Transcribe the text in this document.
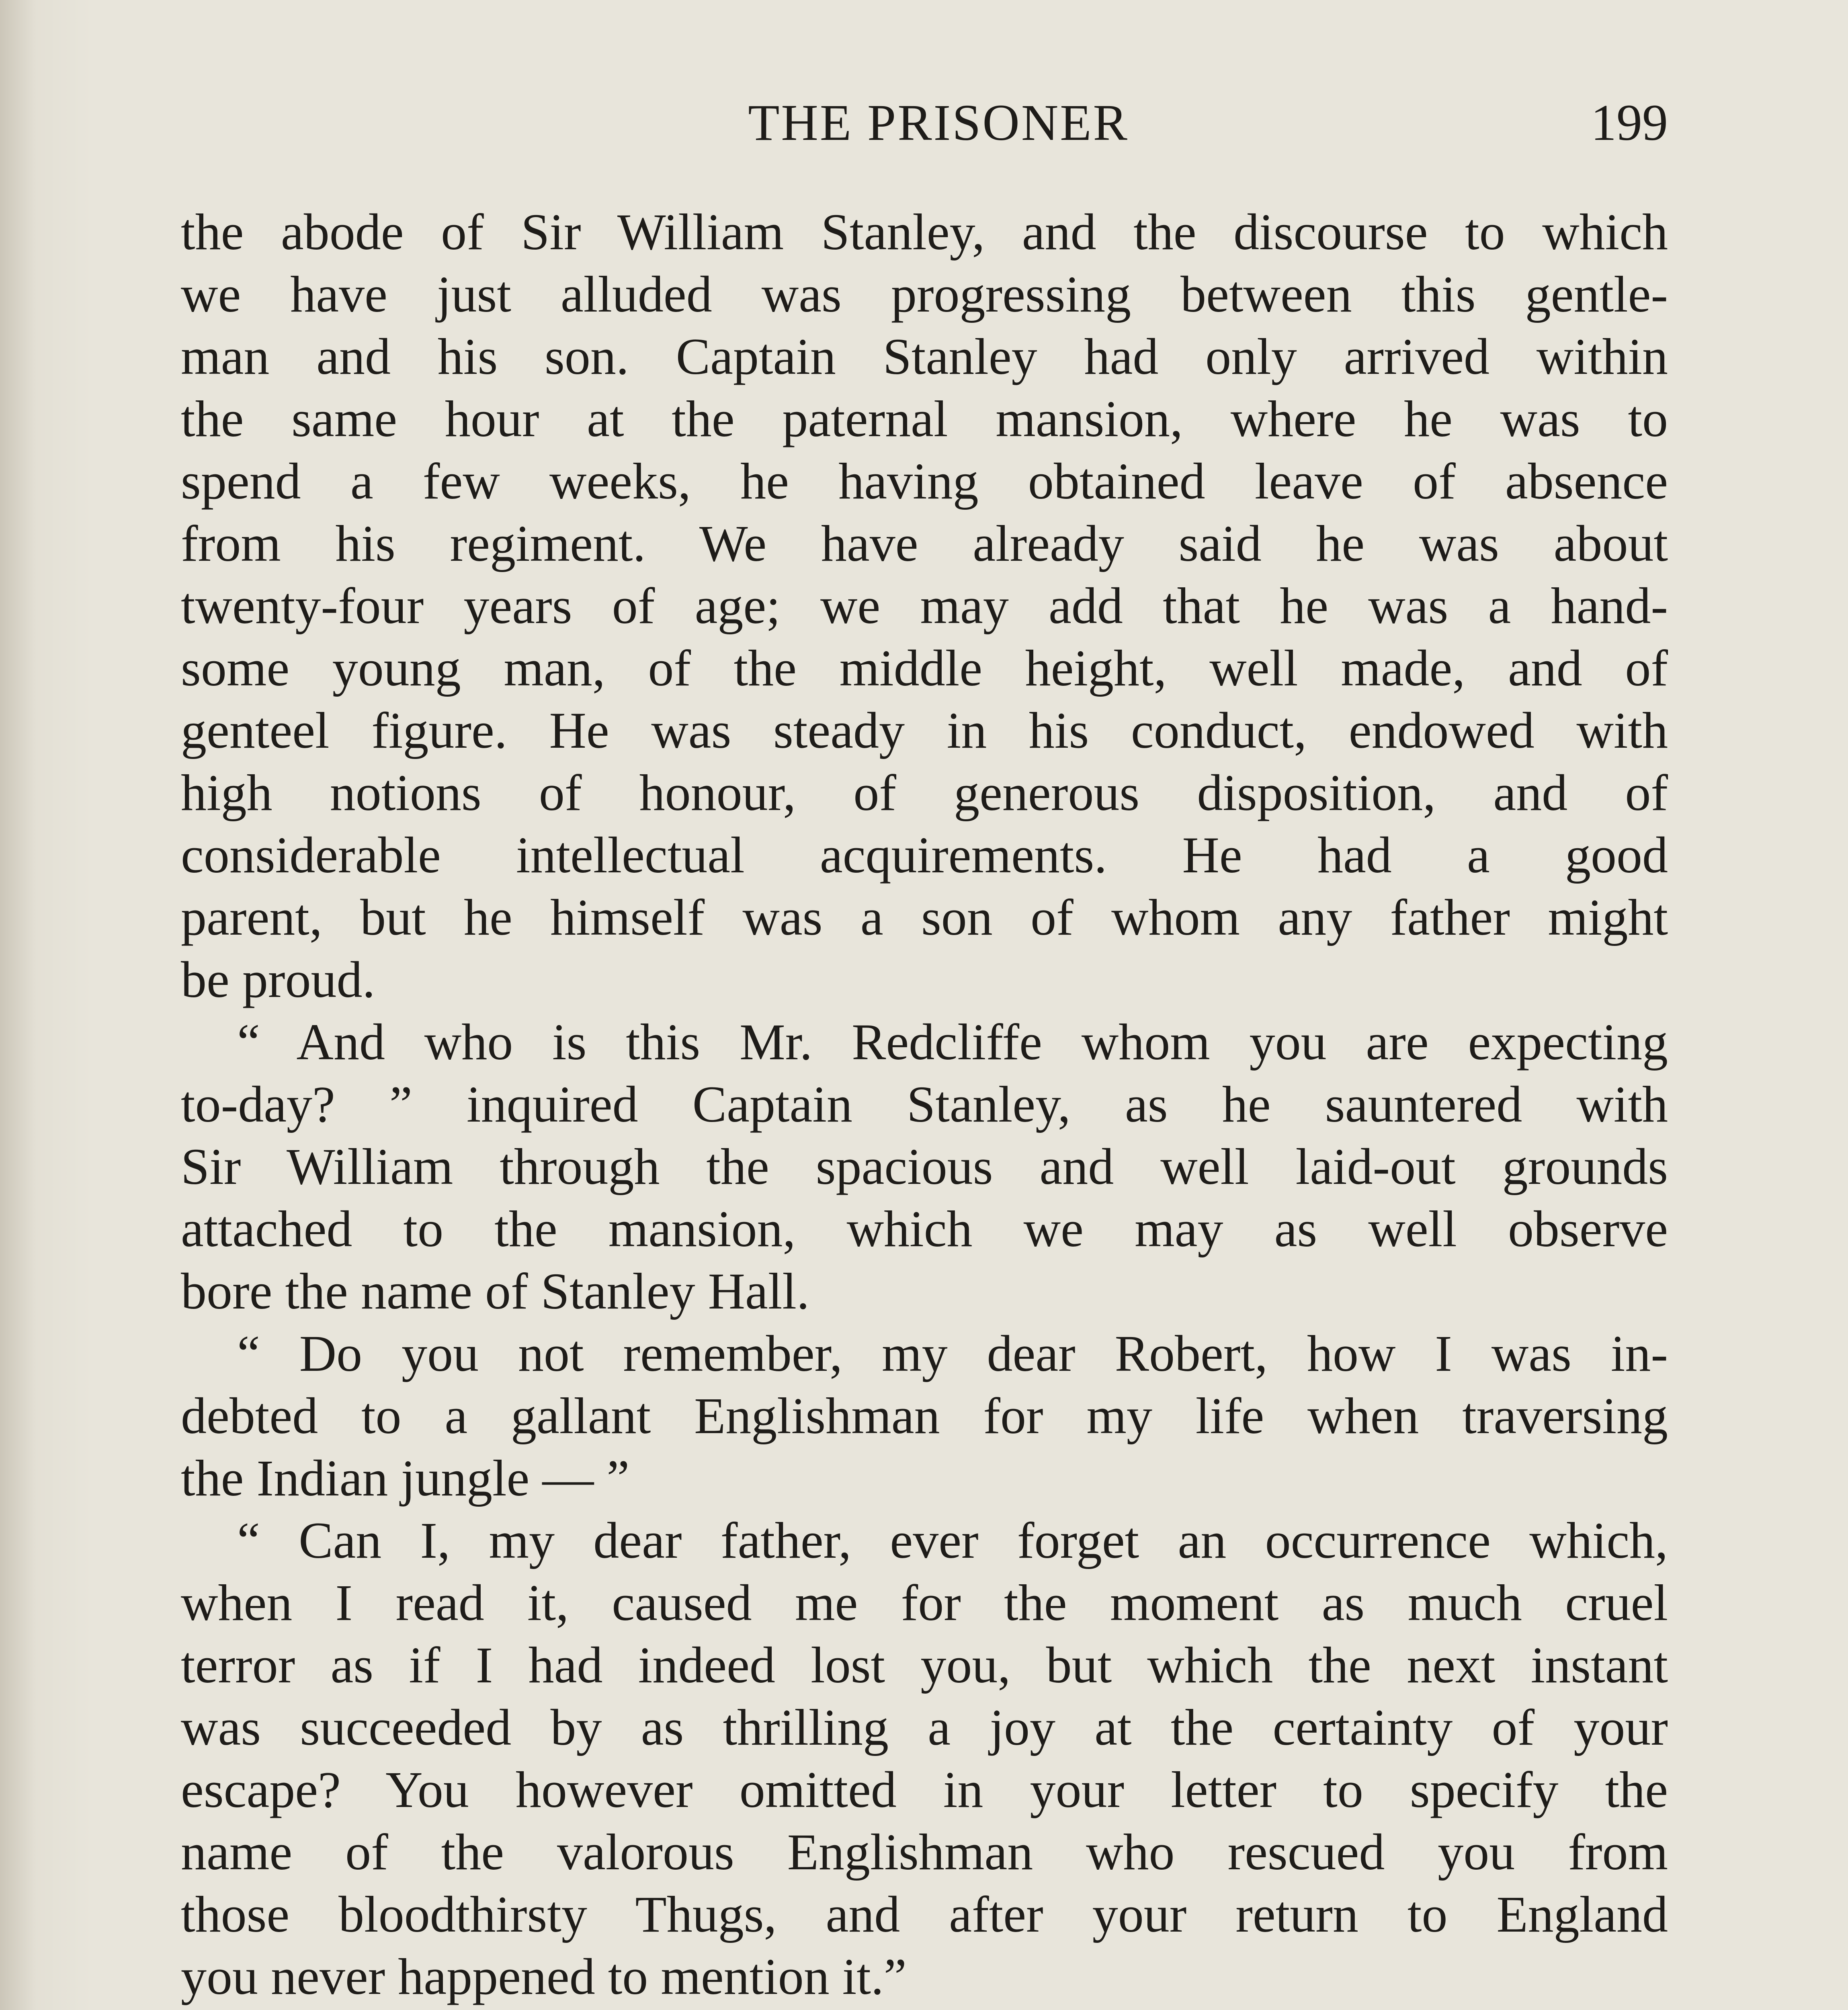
THE PRISONER	199
the abode of Sir William Stanley, and the discourse to which
we have just alluded was progressing between this gentle-
man and his son. Captain Stanley had only arrived within
the same hour at the paternal mansion, where he was to
spend a few weeks, he having obtained leave of absence
from his regiment. We have already said he was about
twenty-four years of age; we may add that he was a hand-
some young man, of the middle height, well made, and of
genteel figure. He was steady in his conduct, endowed with
high notions of honour, of generous disposition, and of
considerable intellectual acquirements. He had a good
parent, but he himself was a son of whom any father might
be proud.
“ And who is this Mr. Redcliffe whom you are expecting
to-day? ” inquired Captain Stanley, as he sauntered with
Sir William through the spacious and well laid-out grounds
attached to the mansion, which we may as well observe
bore the name of Stanley Hall.
“ Do you not remember, my dear Robert, how I was in-
debted to a gallant Englishman for my life when traversing
the Indian jungle — ”
“ Can I, my dear father, ever forget an occurrence which,
when I read it, caused me for the moment as much cruel
terror as if I had indeed lost you, but which the next instant
was succeeded by as thrilling a joy at the certainty of your
escape? You however omitted in your letter to specify the
name of the valorous Englishman who rescued you from
those bloodthirsty Thugs, and after your return to England
you never happened to mention it.”
